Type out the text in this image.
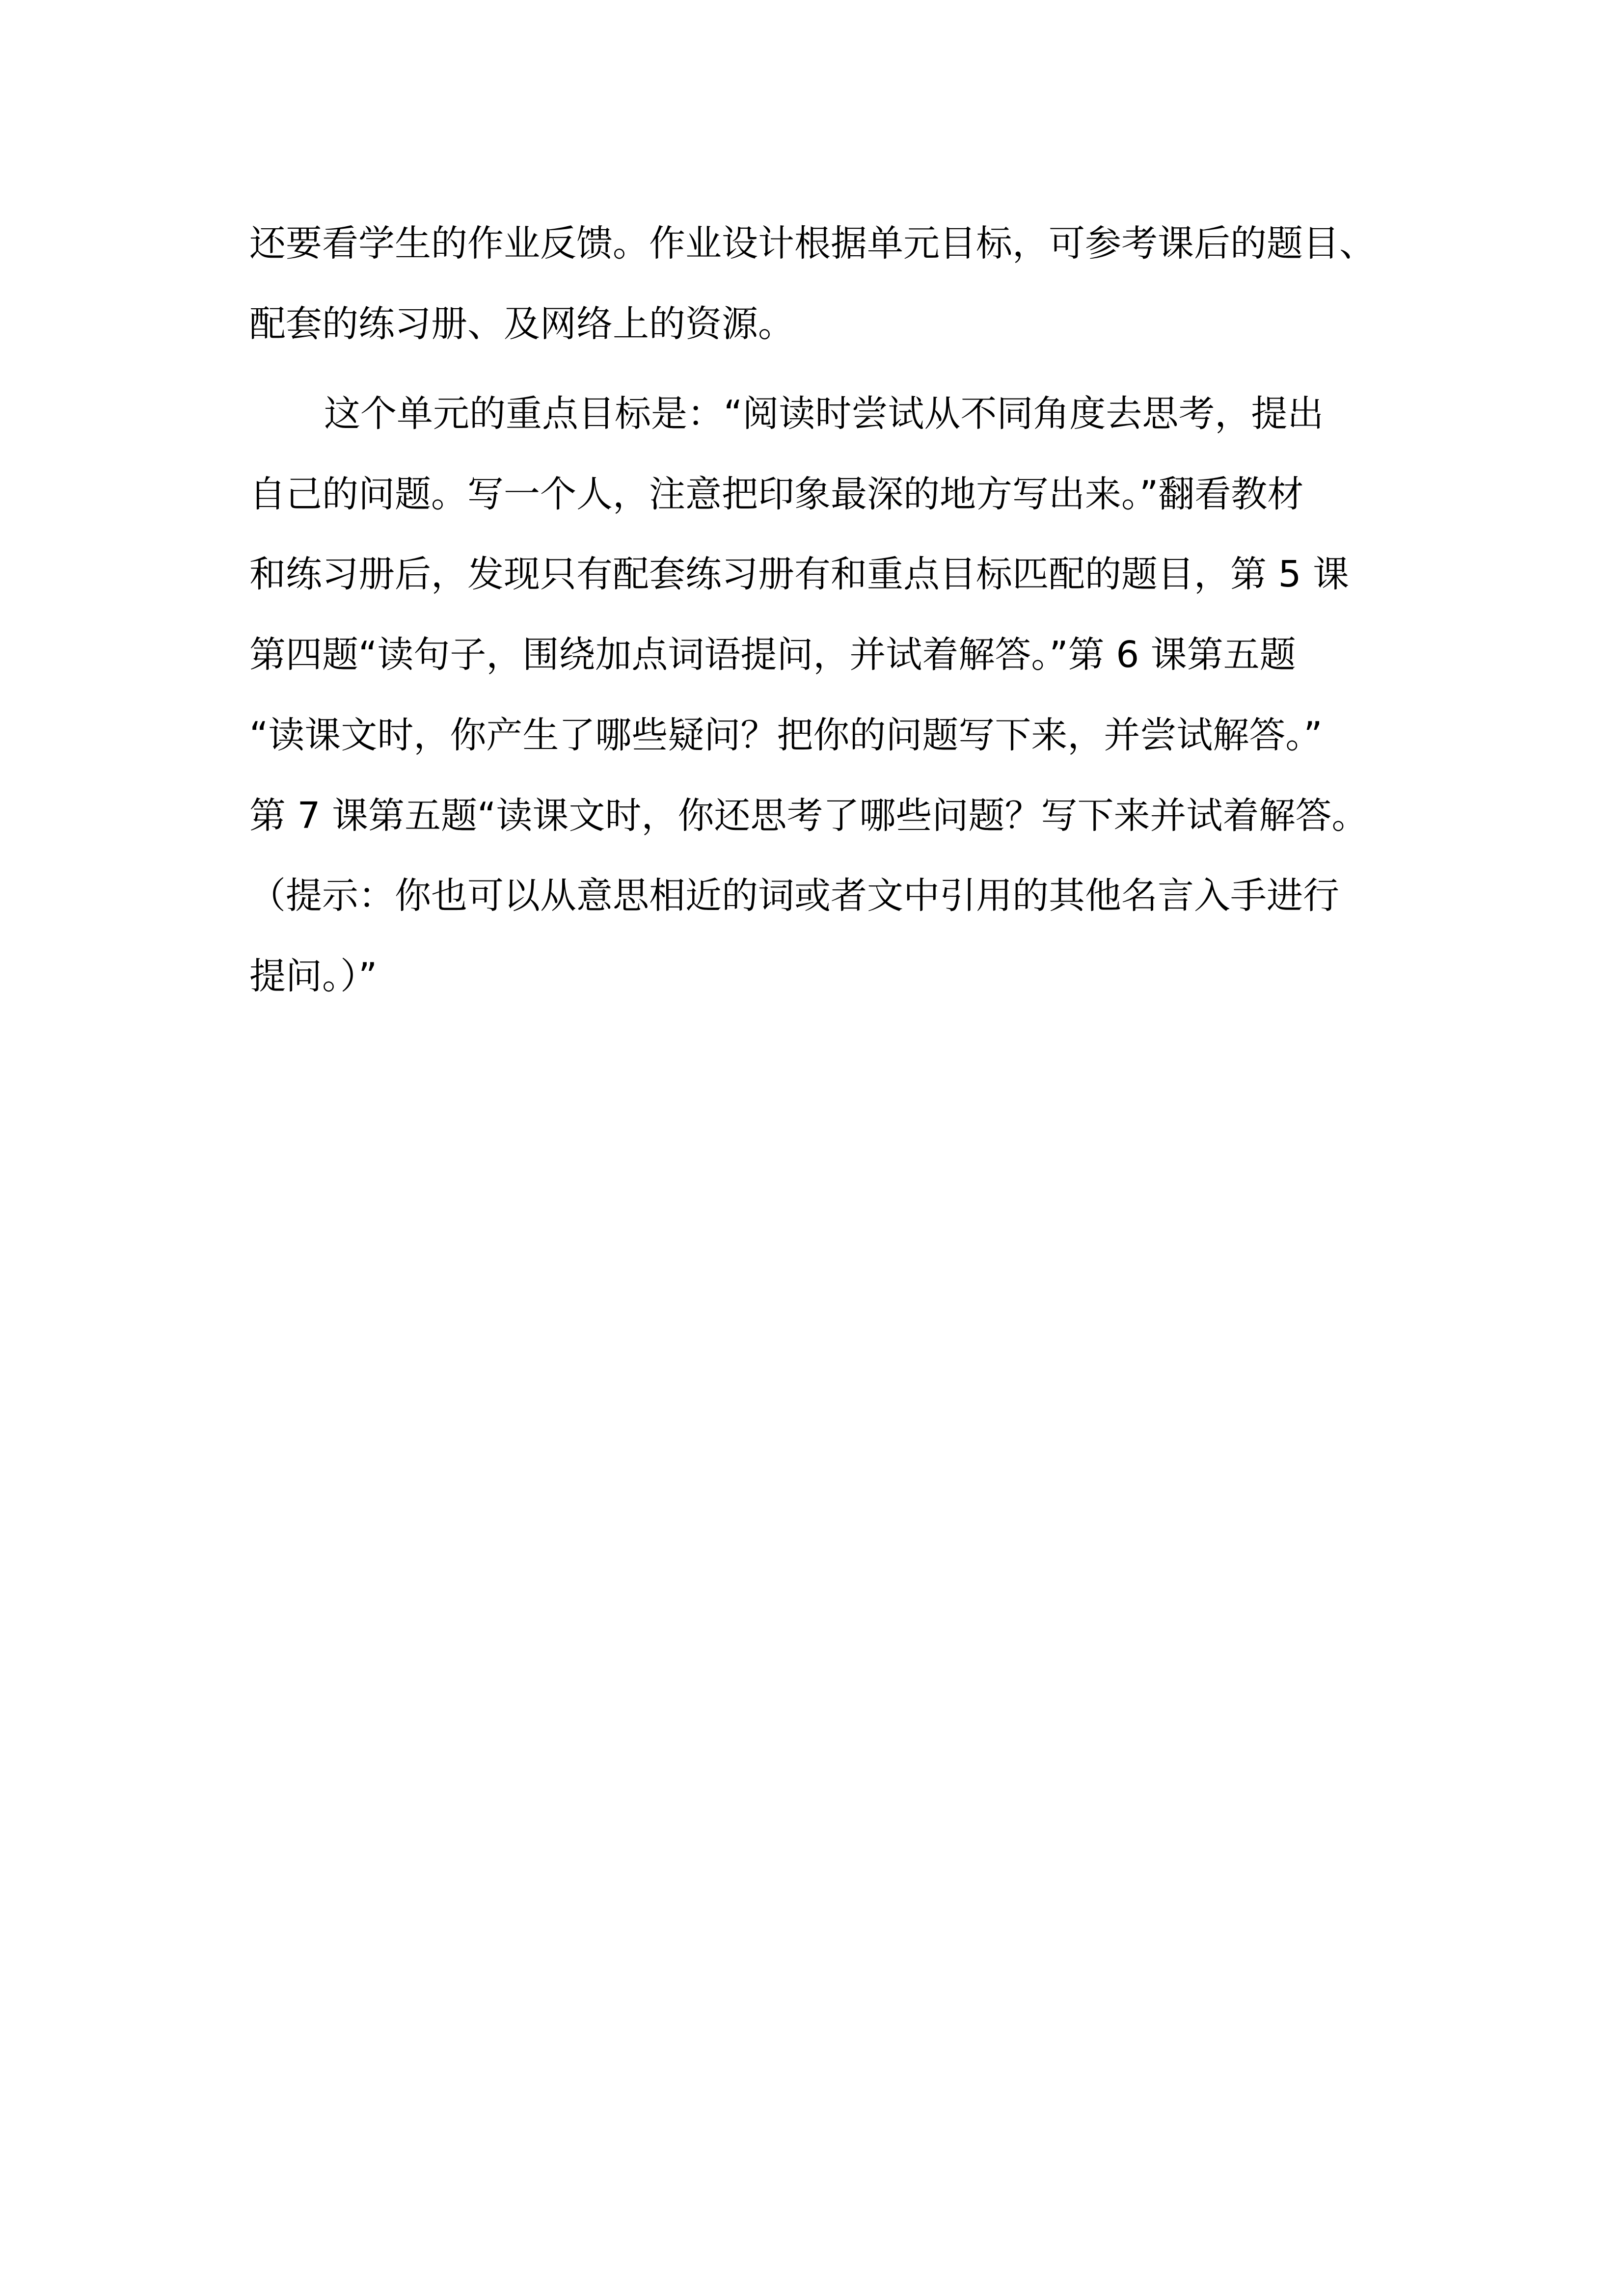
还要看学生的作业反馈。作业设计根据单元目标，可参考课后的题目、
配套的练习册、及网络上的资源。
这个单元的重点目标是：“阅读时尝试从不同角度去思考，提出
自己的问题。写一个人，注意把印象最深的地方写出来。”翻看教材
和练习册后，发现只有配套练习册有和重点目标匹配的题目，第 5 课
第四题“读句子，围绕加点词语提问，并试着解答。”第 6 课第五题
“读课文时，你产生了哪些疑问？把你的问题写下来，并尝试解答。”
第 7 课第五题“读课文时，你还思考了哪些问题？写下来并试着解答。
（提示：你也可以从意思相近的词或者文中引用的其他名言入手进行
提问。）”
